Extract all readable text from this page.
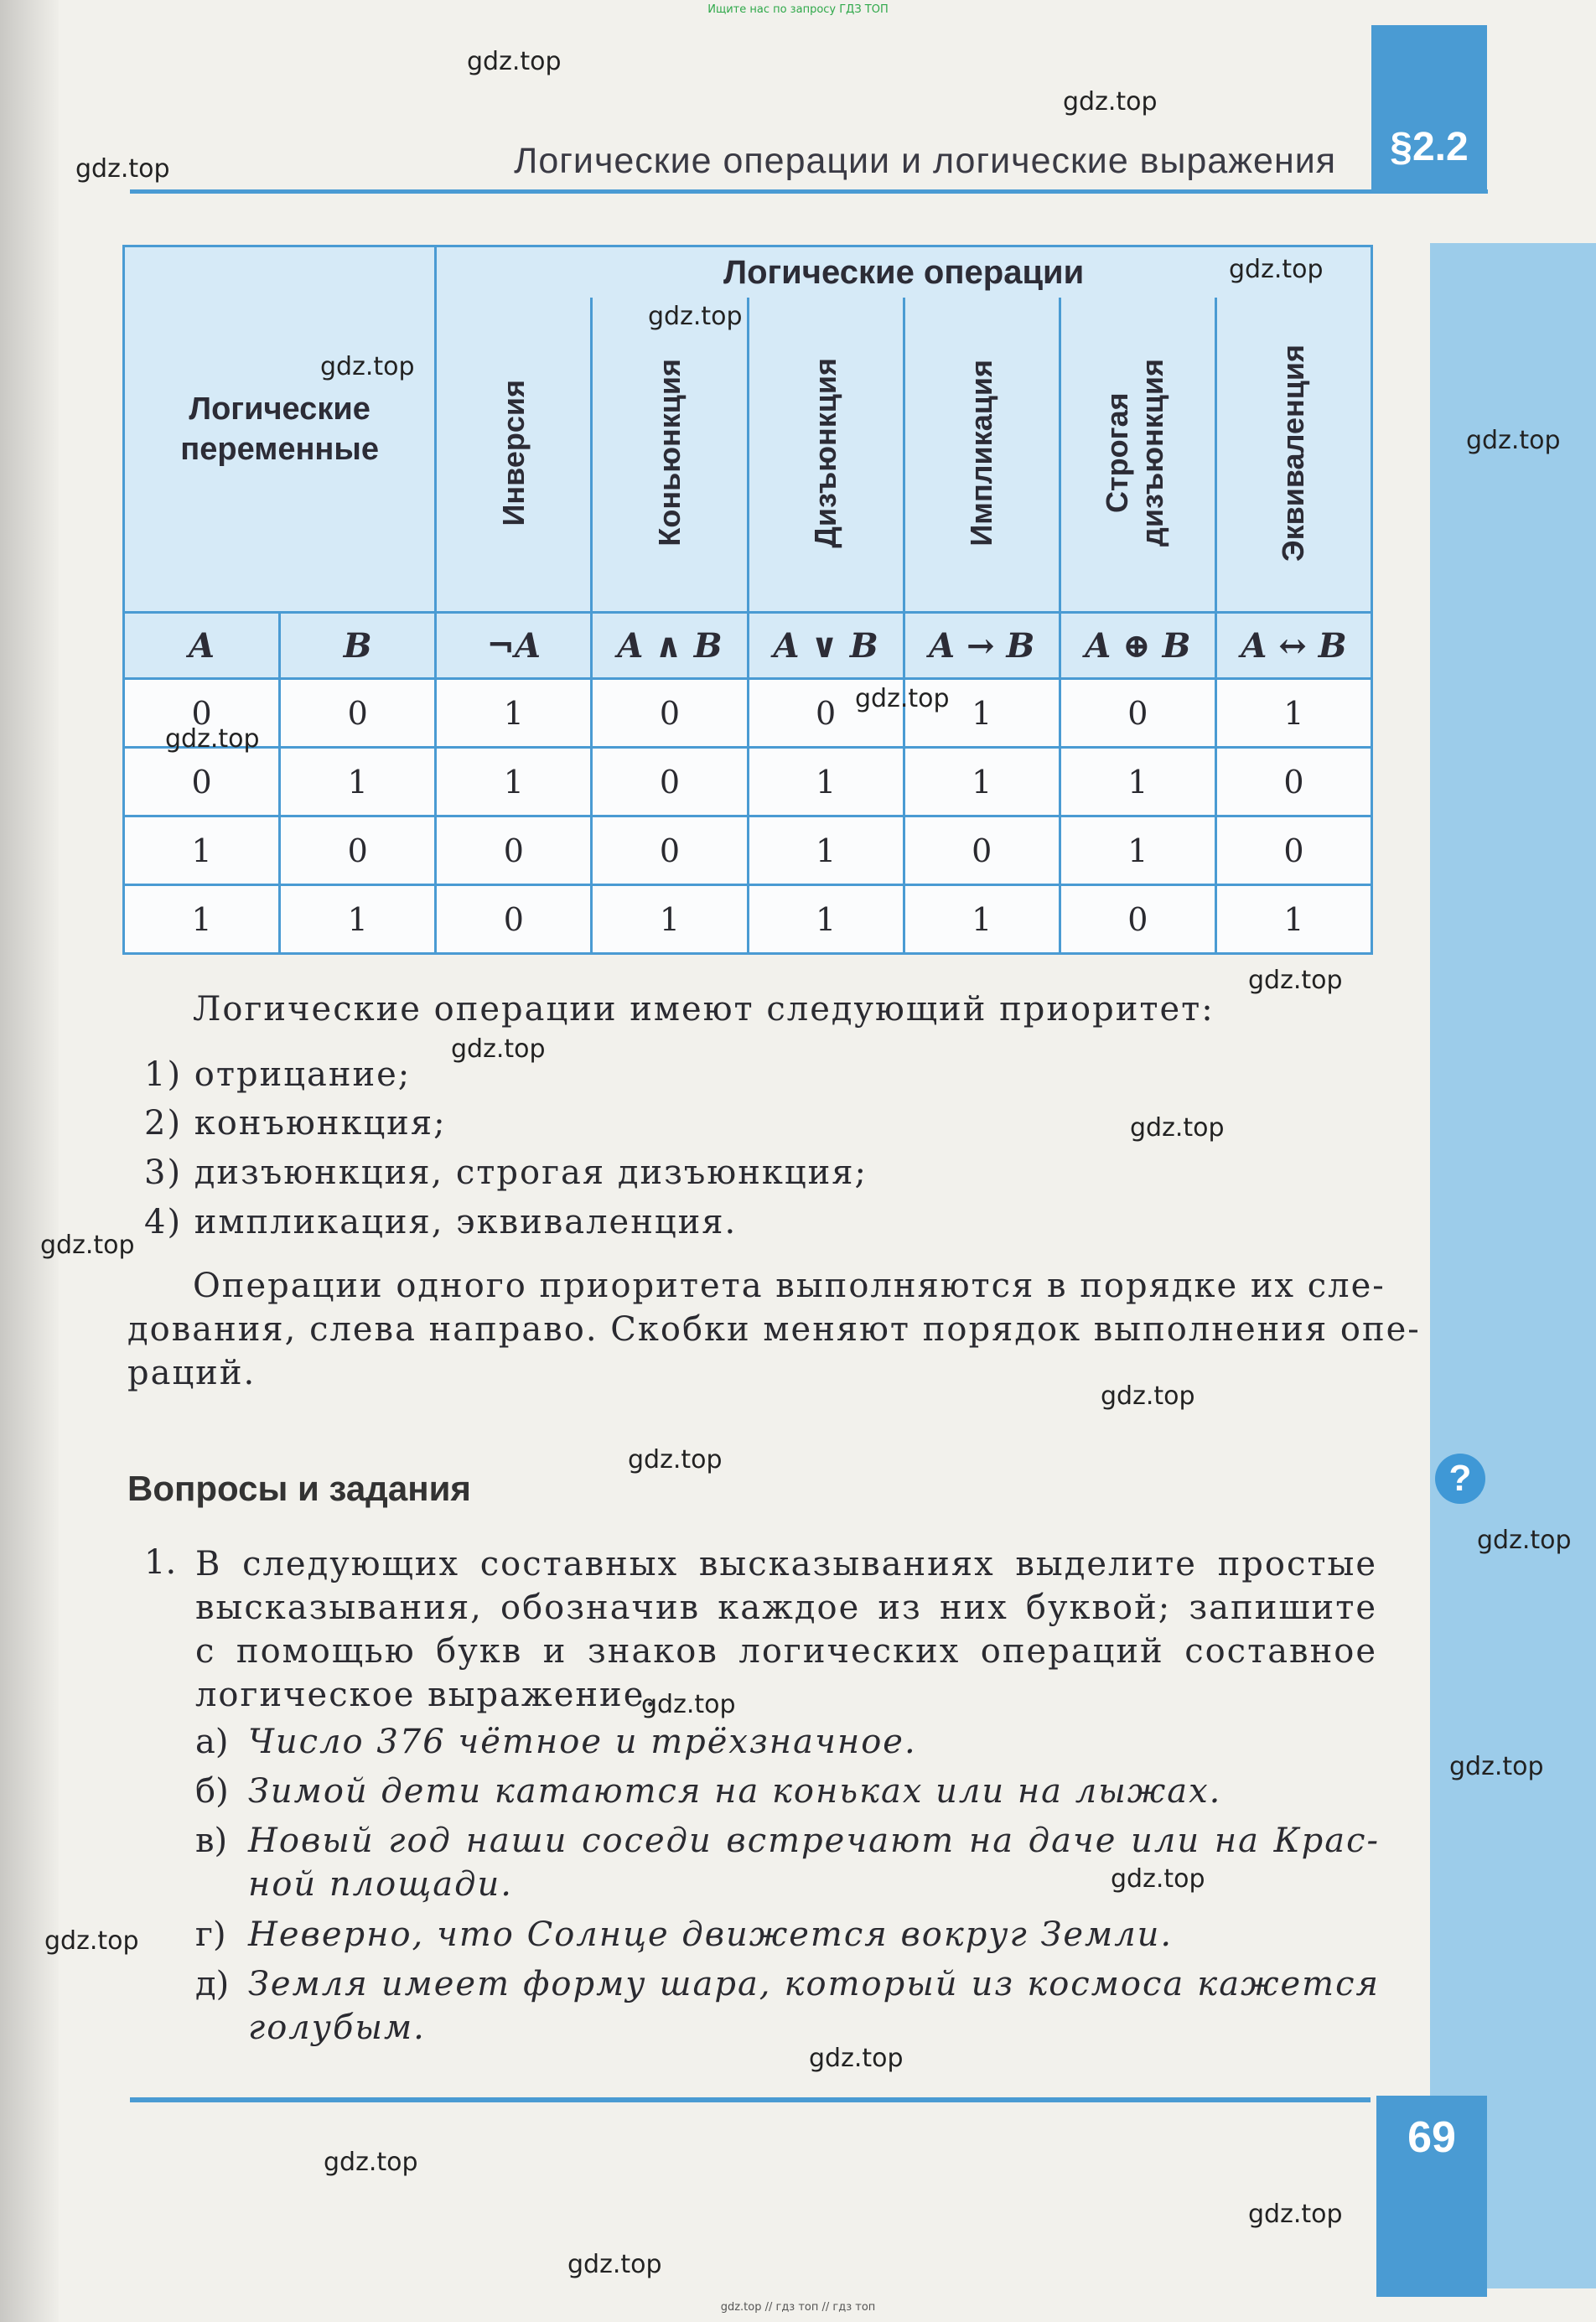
Ищите нас по запросу ГДЗ ТОП
§2.2
Логические операции и логические выражения
?
Логические переменные		Логические операции					
		Инверсия	Коньюнкция	Дизъюнкция	Импликация	Строгая дизъюнкция	Эквиваленция
A	B	¬A	A ∧ B	A ∨ B	A → B	A ⊕ B	A ↔ B
0	0	1	0	0	1	0	1
0	1	1	0	1	1	1	0
1	0	0	0	1	0	1	0
1	1	0	1	1	1	0	1
Логические операции имеют следующий приоритет:
1) отрицание;
2) конъюнкция;
3) дизъюнкция, строгая дизъюнкция;
4) импликация, эквиваленция.
Операции одного приоритета выполняются в порядке их сле-
дования, слева направо. Скобки меняют порядок выполнения опе-
раций.
Вопросы и задания
1. В следующих составных высказываниях выделите простые
высказывания, обозначив каждое из них буквой; запишите
с помощью букв и знаков логических операций составное
логическое выражение.
а) Число 376 чётное и трёхзначное.
б) Зимой дети катаются на коньках или на лыжах.
в) Новый год наши соседи встречают на даче или на Крас-
ной площади.
г) Неверно, что Солнце движется вокруг Земли.
д) Земля имеет форму шара, который из космоса кажется
голубым.
69
gdz.top
gdz.top
gdz.top
gdz.top
gdz.top
gdz.top
gdz.top
gdz.top
gdz.top
gdz.top
gdz.top
gdz.top
gdz.top
gdz.top
gdz.top
gdz.top
gdz.top
gdz.top
gdz.top
gdz.top
gdz.top
gdz.top
gdz.top
gdz.top
gdz.top // гдз топ // гдз топ
